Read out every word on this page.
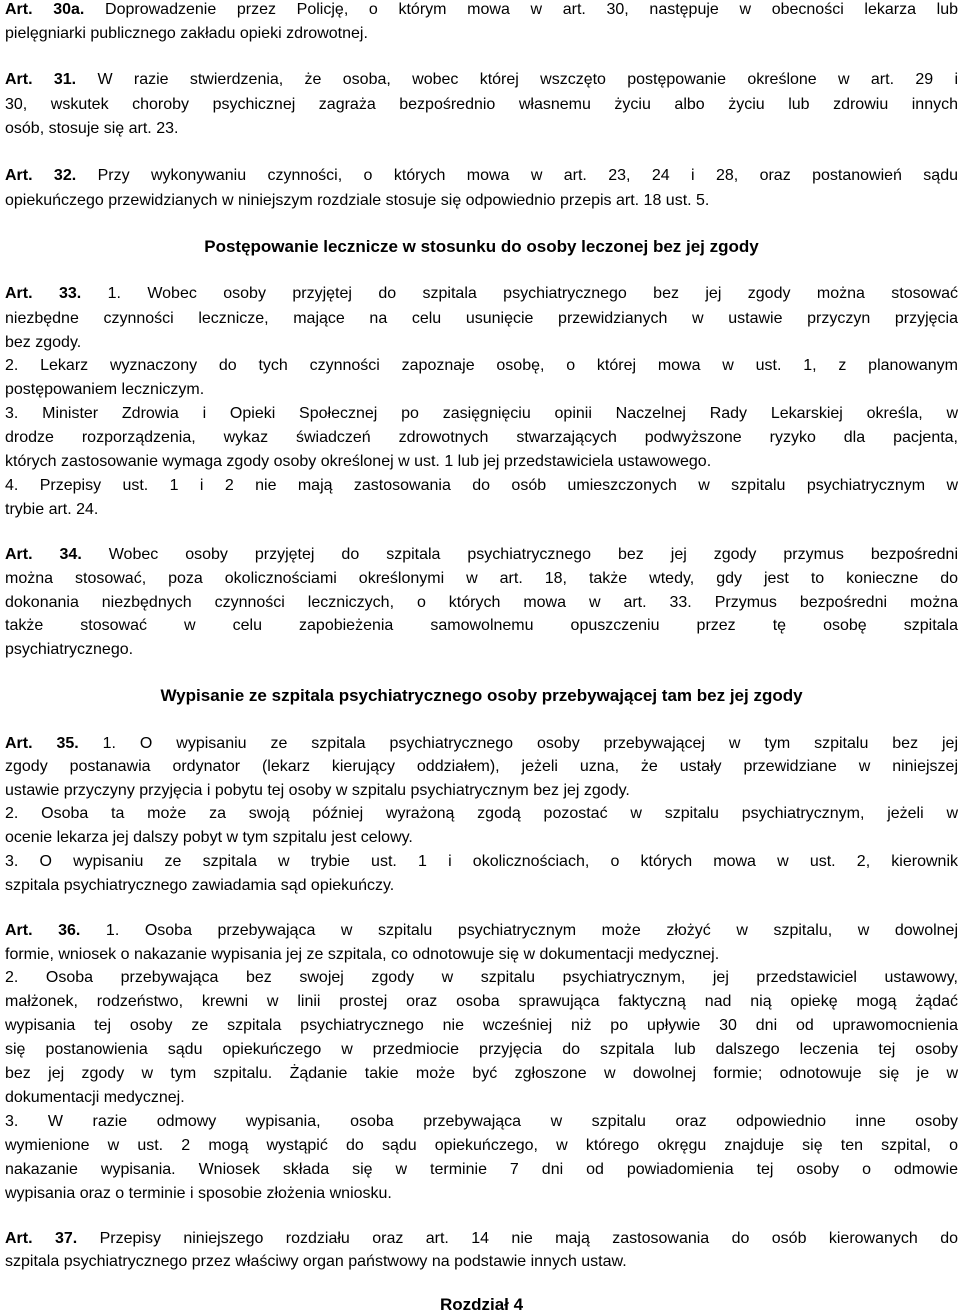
Art. 30a. Doprowadzenie przez Policję, o którym mowa w art. 30, następuje w obecności lekarza lub
pielęgniarki publicznego zakładu opieki zdrowotnej.
Art. 31. W razie stwierdzenia, że osoba, wobec której wszczęto postępowanie określone w art. 29 i
30, wskutek choroby psychicznej zagraża bezpośrednio własnemu życiu albo życiu lub zdrowiu innych
osób, stosuje się art. 23.
Art. 32. Przy wykonywaniu czynności, o których mowa w art. 23, 24 i 28, oraz postanowień sądu
opiekuńczego przewidzianych w niniejszym rozdziale stosuje się odpowiednio przepis art. 18 ust. 5.
Postępowanie lecznicze w stosunku do osoby leczonej bez jej zgody
Art. 33. 1. Wobec osoby przyjętej do szpitala psychiatrycznego bez jej zgody można stosować
niezbędne czynności lecznicze, mające na celu usunięcie przewidzianych w ustawie przyczyn przyjęcia
bez zgody.
2. Lekarz wyznaczony do tych czynności zapoznaje osobę, o której mowa w ust. 1, z planowanym
postępowaniem leczniczym.
3. Minister Zdrowia i Opieki Społecznej po zasięgnięciu opinii Naczelnej Rady Lekarskiej określa, w
drodze rozporządzenia, wykaz świadczeń zdrowotnych stwarzających podwyższone ryzyko dla pacjenta,
których zastosowanie wymaga zgody osoby określonej w ust. 1 lub jej przedstawiciela ustawowego.
4. Przepisy ust. 1 i 2 nie mają zastosowania do osób umieszczonych w szpitalu psychiatrycznym w
trybie art. 24.
Art. 34. Wobec osoby przyjętej do szpitala psychiatrycznego bez jej zgody przymus bezpośredni
można stosować, poza okolicznościami określonymi w art. 18, także wtedy, gdy jest to konieczne do
dokonania niezbędnych czynności leczniczych, o których mowa w art. 33. Przymus bezpośredni można
także stosować w celu zapobieżenia samowolnemu opuszczeniu przez tę osobę szpitala
psychiatrycznego.
Wypisanie ze szpitala psychiatrycznego osoby przebywającej tam bez jej zgody
Art. 35. 1. O wypisaniu ze szpitala psychiatrycznego osoby przebywającej w tym szpitalu bez jej
zgody postanawia ordynator (lekarz kierujący oddziałem), jeżeli uzna, że ustały przewidziane w niniejszej
ustawie przyczyny przyjęcia i pobytu tej osoby w szpitalu psychiatrycznym bez jej zgody.
2. Osoba ta może za swoją później wyrażoną zgodą pozostać w szpitalu psychiatrycznym, jeżeli w
ocenie lekarza jej dalszy pobyt w tym szpitalu jest celowy.
3. O wypisaniu ze szpitala w trybie ust. 1 i okolicznościach, o których mowa w ust. 2, kierownik
szpitala psychiatrycznego zawiadamia sąd opiekuńczy.
Art. 36. 1. Osoba przebywająca w szpitalu psychiatrycznym może złożyć w szpitalu, w dowolnej
formie, wniosek o nakazanie wypisania jej ze szpitala, co odnotowuje się w dokumentacji medycznej.
2. Osoba przebywająca bez swojej zgody w szpitalu psychiatrycznym, jej przedstawiciel ustawowy,
małżonek, rodzeństwo, krewni w linii prostej oraz osoba sprawująca faktyczną nad nią opiekę mogą żądać
wypisania tej osoby ze szpitala psychiatrycznego nie wcześniej niż po upływie 30 dni od uprawomocnienia
się postanowienia sądu opiekuńczego w przedmiocie przyjęcia do szpitala lub dalszego leczenia tej osoby
bez jej zgody w tym szpitalu. Żądanie takie może być zgłoszone w dowolnej formie; odnotowuje się je w
dokumentacji medycznej.
3. W razie odmowy wypisania, osoba przebywająca w szpitalu oraz odpowiednio inne osoby
wymienione w ust. 2 mogą wystąpić do sądu opiekuńczego, w którego okręgu znajduje się ten szpital, o
nakazanie wypisania. Wniosek składa się w terminie 7 dni od powiadomienia tej osoby o odmowie
wypisania oraz o terminie i sposobie złożenia wniosku.
Art. 37. Przepisy niniejszego rozdziału oraz art. 14 nie mają zastosowania do osób kierowanych do
szpitala psychiatrycznego przez właściwy organ państwowy na podstawie innych ustaw.
Rozdział 4
